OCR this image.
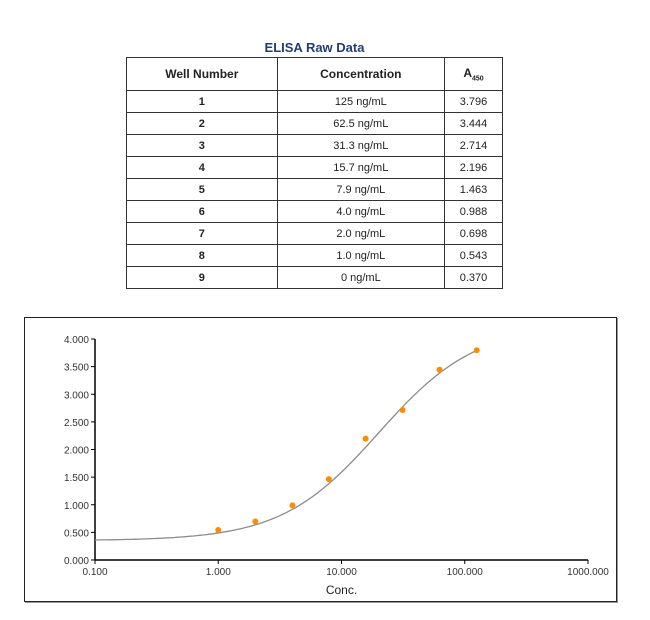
ELISA Raw Data
Well Number	Concentration	$A_{450}$
1	125 ng/mL	3.796
2	62.5 ng/mL	3.444
3	31.3 ng/mL	2.714
4	15.7 ng/mL	2.196
5	7.9 ng/mL	1.463
6	4.0 ng/mL	0.988
7	2.0 ng/mL	0.698
8	1.0 ng/mL	0.543
9	0 ng/mL	0.370
0.000
0.500
1.000
1.500
2.000
2.500
3.000
3.500
4.000
0.100	1.000	10.000	100.000	1000.000
Conc.
